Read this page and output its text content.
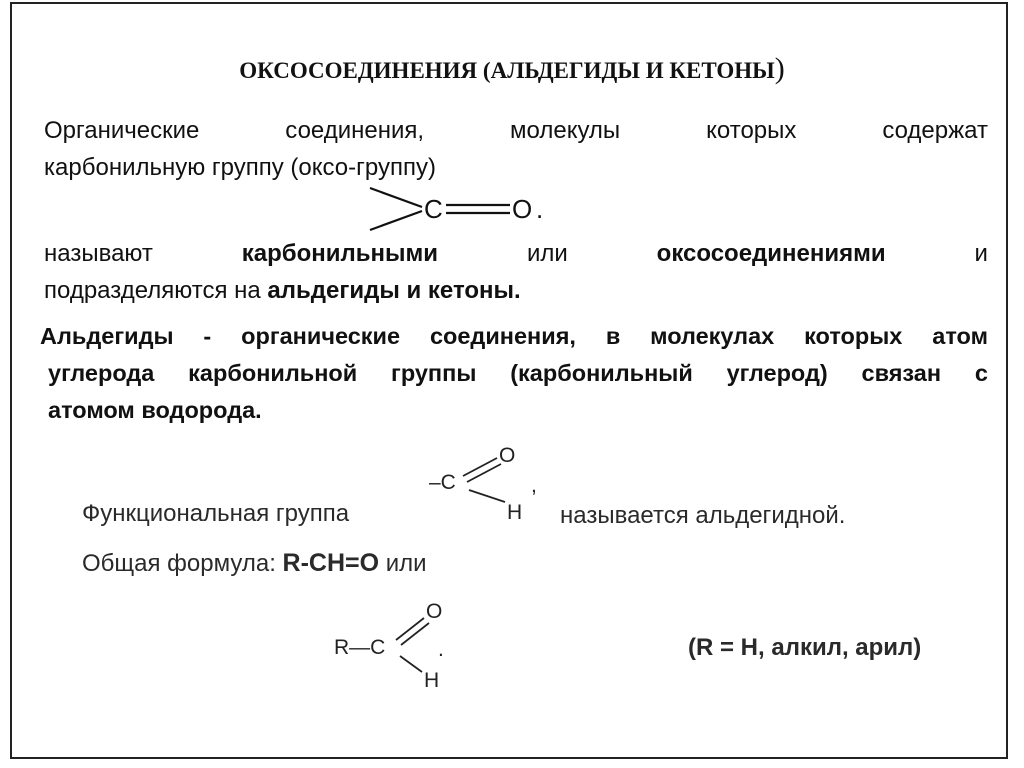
ОКСОСОЕДИНЕНИЯ (АЛЬДЕГИДЫ И КЕТОНЫ)
Органические	соединения,	молекулы	которых	содержат
карбонильную группу (оксо-группу)
C	O .
называют	карбонильными	или	оксосоединениями	и
подразделяются на альдегиды и кетоны.
Альдегиды - органические соединения, в молекулах которых атом
углерода карбонильной группы (карбонильный углерод) связан с
атомом водорода.
Функциональная группа
–C
O
H
,
называется альдегидной.
Общая формула: R-CH=O или
R—C
O
H
.	(R = H, алкил, арил)
